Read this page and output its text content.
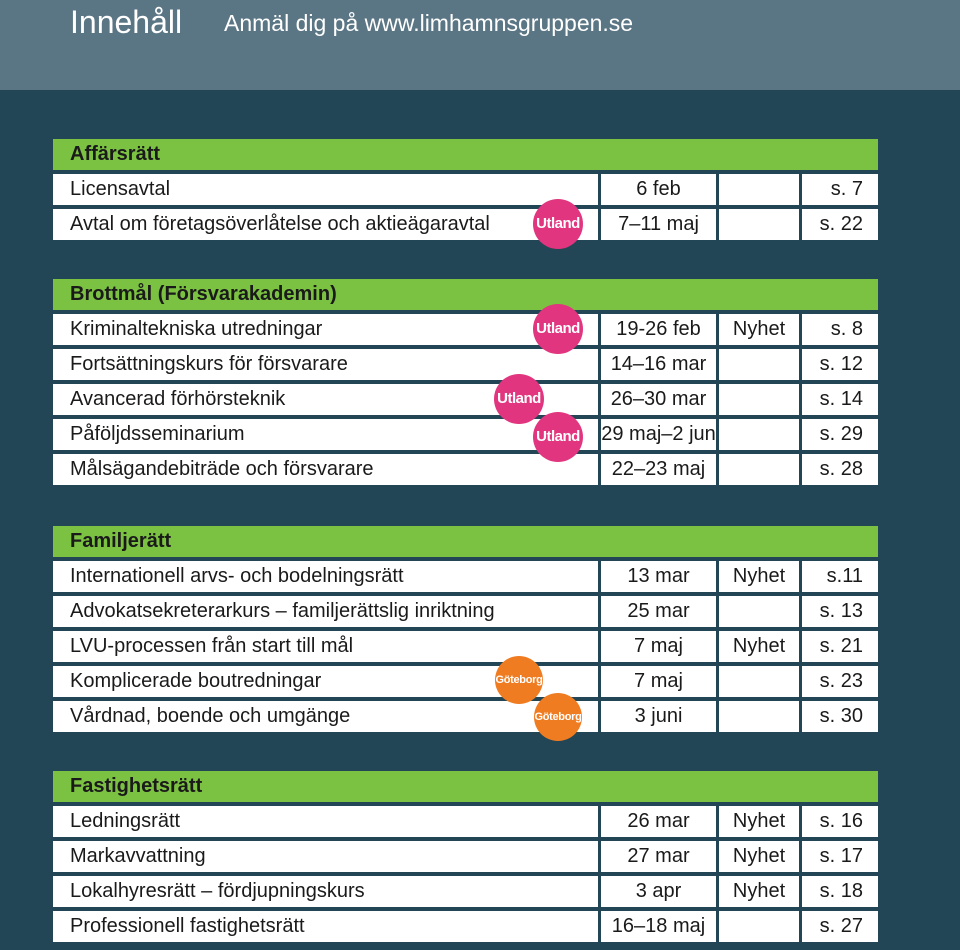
Innehåll Anmäl dig på www.limhamnsgruppen.se
Affärsrätt
Licensavtal	6 feb	s. 7
Avtal om företagsöverlåtelse och aktieägaravtal	7–11 maj	s. 22
Brottmål (Försvarakademin)
Kriminaltekniska utredningar	19-26 feb	Nyhet	s. 8
Fortsättningskurs för försvarare	14–16 mar	s. 12
Avancerad förhörsteknik	26–30 mar	s. 14
Påföljdsseminarium	29 maj–2 jun	s. 29
Målsägandebiträde och försvarare	22–23 maj	s. 28
Familjerätt
Internationell arvs- och bodelningsrätt	13 mar	Nyhet	s.11
Advokatsekreterarkurs – familjerättslig inriktning	25 mar	s. 13
LVU-processen från start till mål	7 maj	Nyhet	s. 21
Komplicerade boutredningar	7 maj	s. 23
Vårdnad, boende och umgänge	3 juni	s. 30
Fastighetsrätt
Ledningsrätt	26 mar	Nyhet	s. 16
Markavvattning	27 mar	Nyhet	s. 17
Lokalhyresrätt – fördjupningskurs	3 apr	Nyhet	s. 18
Professionell fastighetsrätt	16–18 maj	s. 27
Utland
Utland
Utland
Utland
Göteborg
Göteborg
